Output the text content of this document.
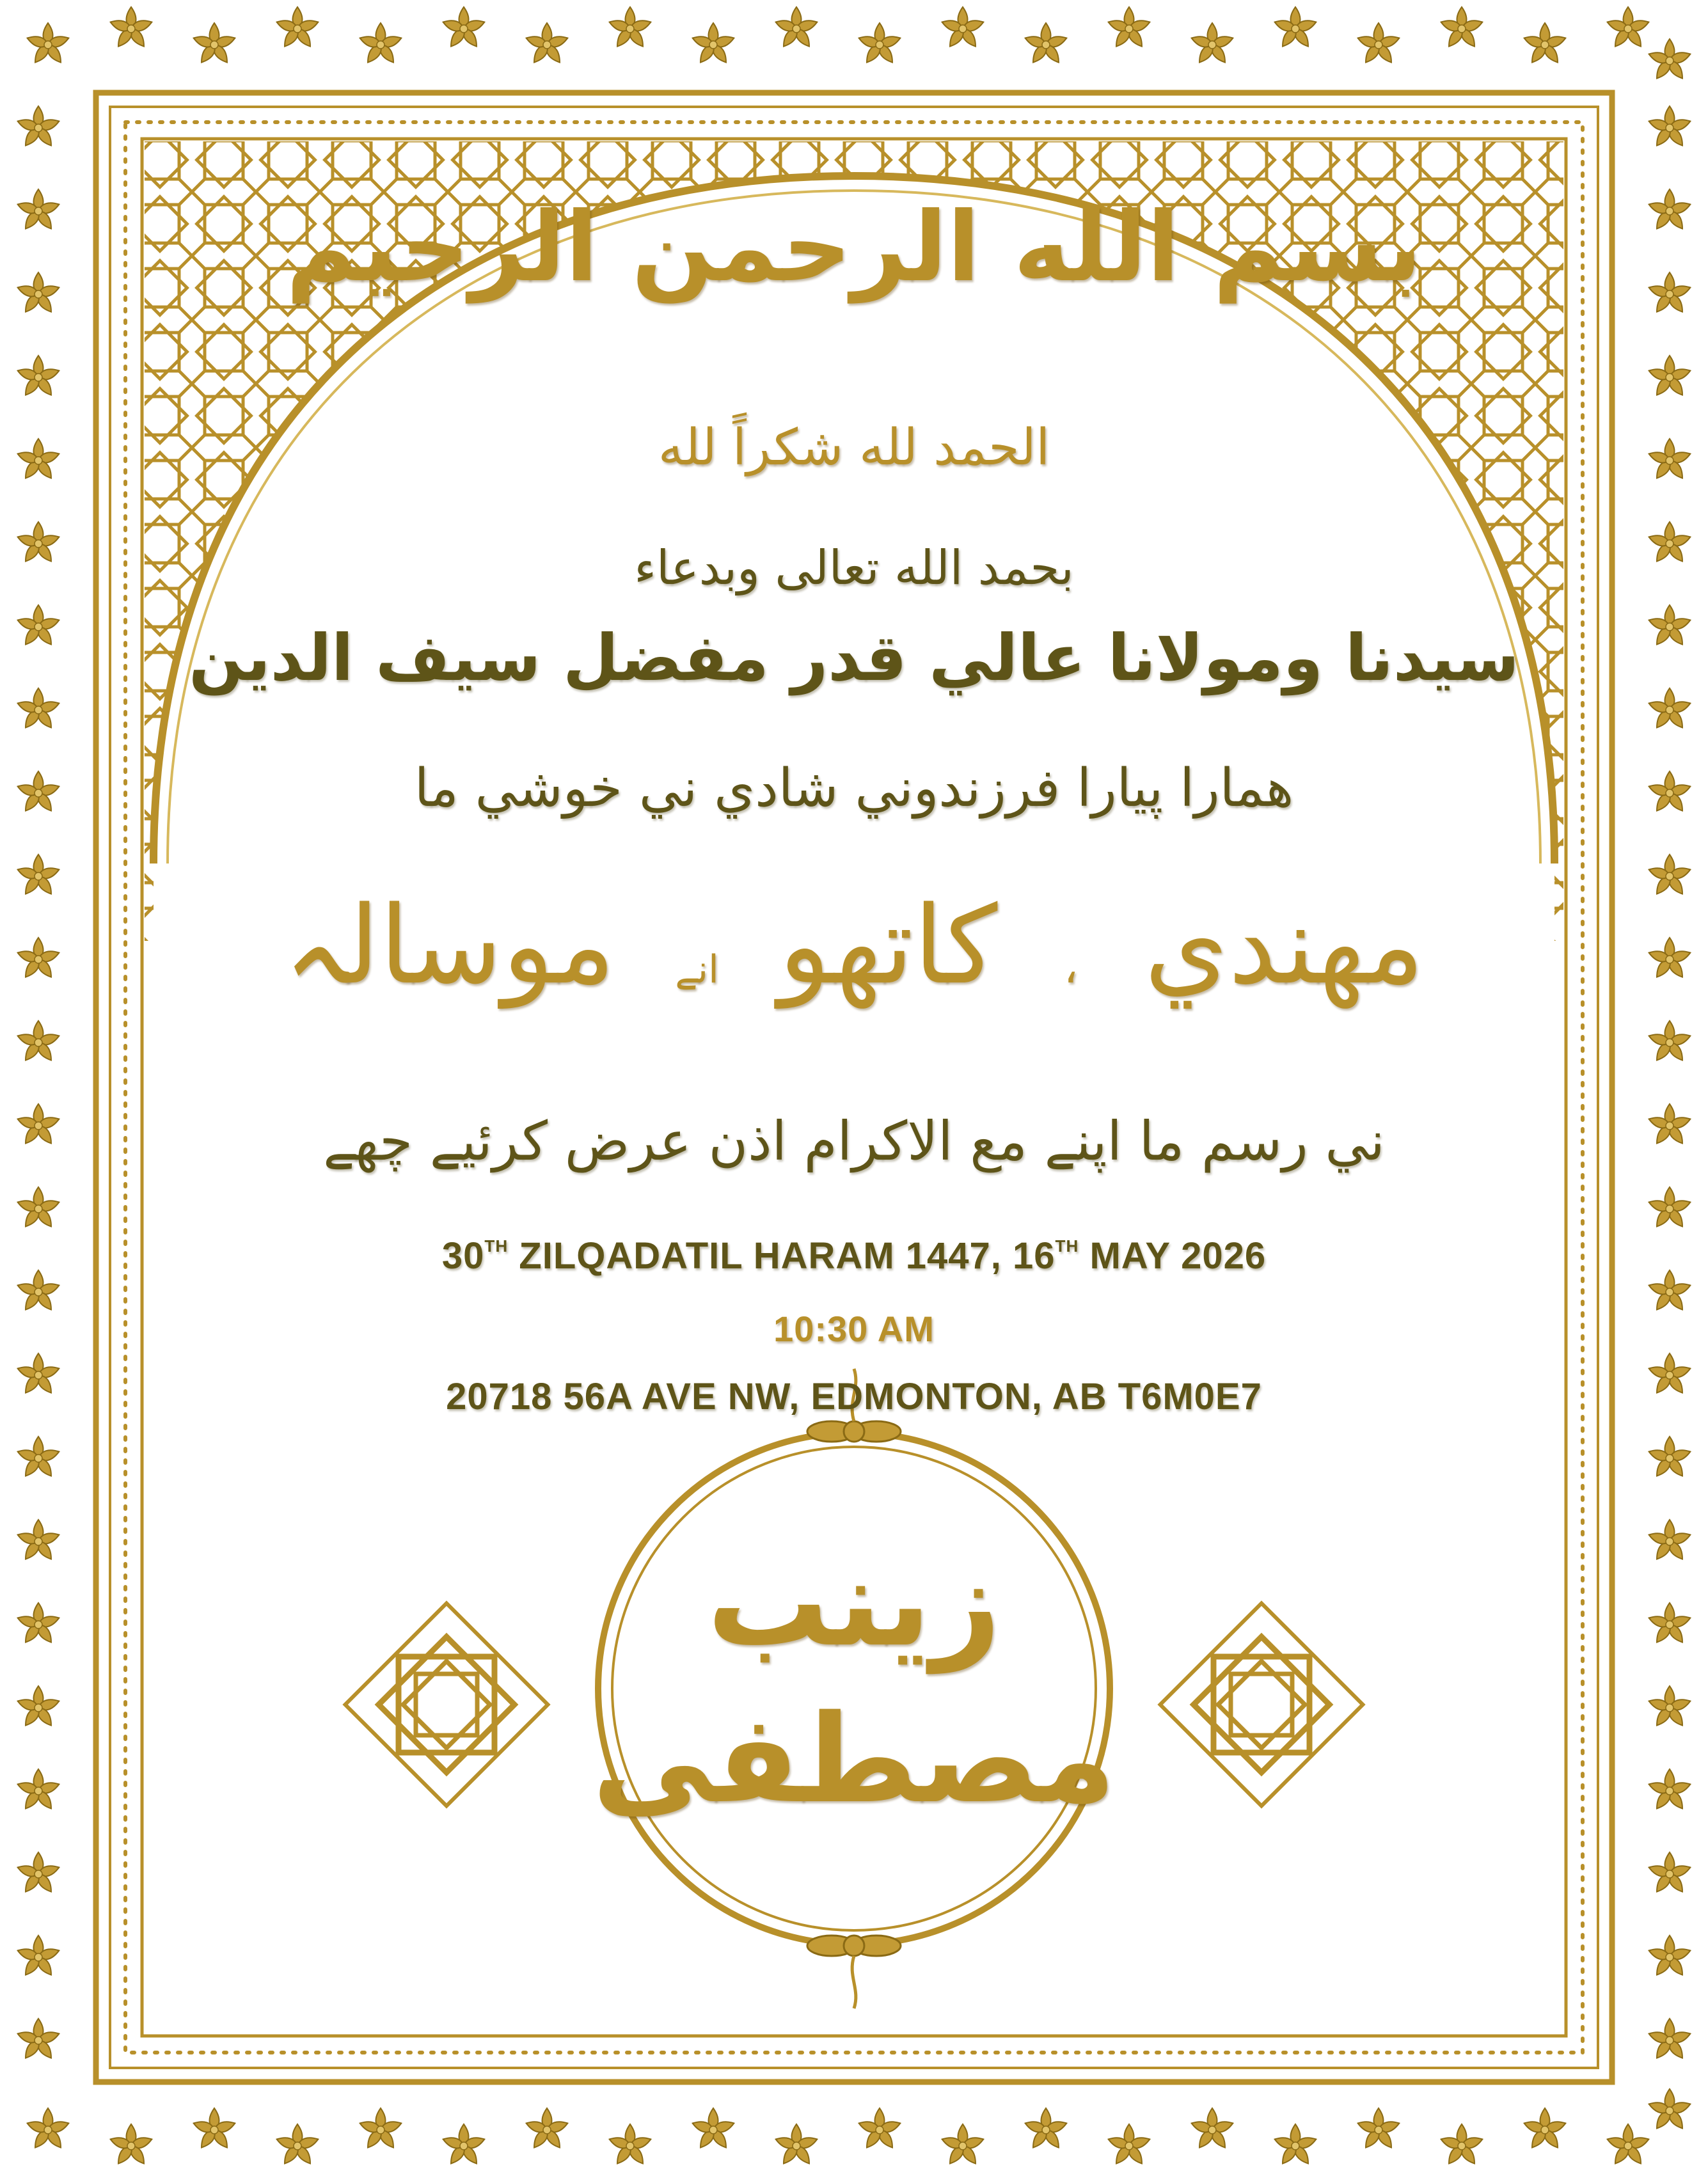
بسم الله الرحمن الرحيم
الحمد لله شكراً لله
بحمد الله تعالى وبدعاء
سيدنا ومولانا عالي قدر مفضل سيف الدين
همارا پيارا فرزندوني شادي ني خوشي ما
مهندي ، كاتهو انے موسالہ
ني رسم ما اپنے مع الاكرام اذن عرض كرئيے چھے
30TH ZILQADATIL HARAM 1447, 16TH MAY 2026
10:30 AM
20718 56A AVE NW, EDMONTON, AB T6M0E7
زينب
مصطفى
